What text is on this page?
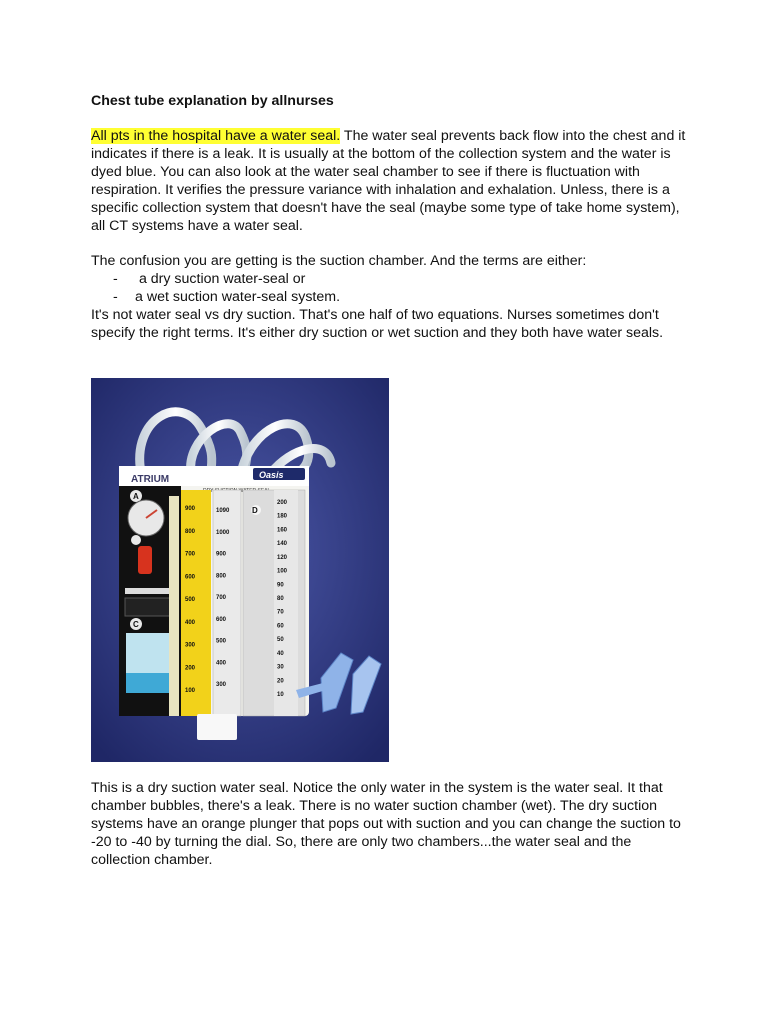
Chest tube explanation by allnurses

All pts in the hospital have a water seal. The water seal prevents back flow into the chest and it indicates if there is a leak. It is usually at the bottom of the collection system and the water is dyed blue. You can also look at the water seal chamber to see if there is fluctuation with respiration. It verifies the pressure variance with inhalation and exhalation. Unless, there is a specific collection system that doesn't have the seal (maybe some type of take home system), all CT systems have a water seal.

The confusion you are getting is the suction chamber. And the terms are either:

- a dry suction water-seal or
- a wet suction water-seal system.

It's not water seal vs dry suction. That's one half of two equations. Nurses sometimes don't specify the right terms. It's either dry suction or wet suction and they both have water seals.

ATRIUM	Oasis
A
C
900
800
700
600
500
400
300
200
100
1090
1000
900
800
700
600
500
400
300
D
200
180
160
140
120
100
90
80
70
60
50
40
30
20
10

This is a dry suction water seal. Notice the only water in the system is the water seal. It that chamber bubbles, there's a leak. There is no water suction chamber (wet). The dry suction systems have an orange plunger that pops out with suction and you can change the suction to -20 to -40 by turning the dial. So, there are only two chambers...the water seal and the collection chamber.
